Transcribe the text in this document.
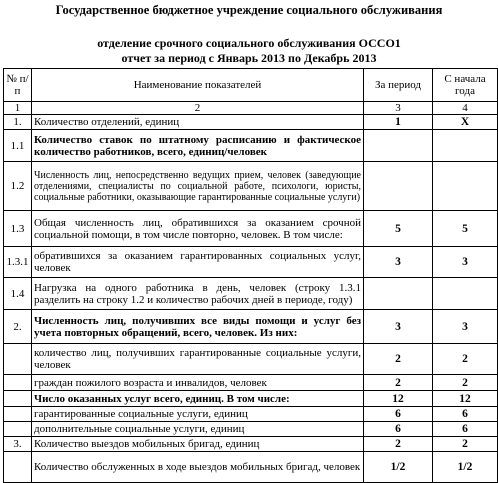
Государственное бюджетное учреждение социального обслуживания
отделение срочного социального обслуживания ОССО1
отчет за период с Январь 2013 по Декабрь 2013
№ п/п	Наименование показателей	За период	С начала года
1	2	3	4
1.	Количество отделений, единиц	1	X
1.1	Количество ставок по штатному расписанию и фактическое количество работников, всего, единиц/человек		
1.2	Численность лиц, непосредственно ведущих прием, человек (заведующие отделениями, специалисты по социальной работе, психологи, юристы, социальные работники, оказывающие гарантированные социальные услуги)		
1.3	Общая численность лиц, обратившихся за оказанием срочной социальной помощи, в том числе повторно, человек. В том числе:	5	5
1.3.1	обратившихся за оказанием гарантированных социальных услуг, человек	3	3
1.4	Нагрузка на одного работника в день, человек (строку 1.3.1 разделить на строку 1.2 и количество рабочих дней в периоде, году)		
2.	Численность лиц, получивших все виды помощи и услуг без учета повторных обращений, всего, человек. Из них:	3	3
	количество лиц, получивших гарантированные социальные услуги, человек	2	2
	граждан пожилого возраста и инвалидов, человек	2	2
	Число оказанных услуг всего, единиц. В том числе:	12	12
	гарантированные социальные услуги, единиц	6	6
	дополнительные социальные услуги, единиц	6	6
3.	Количество выездов мобильных бригад, единиц	2	2
	Количество обслуженных в ходе выездов мобильных бригад, человек	1/2	1/2
